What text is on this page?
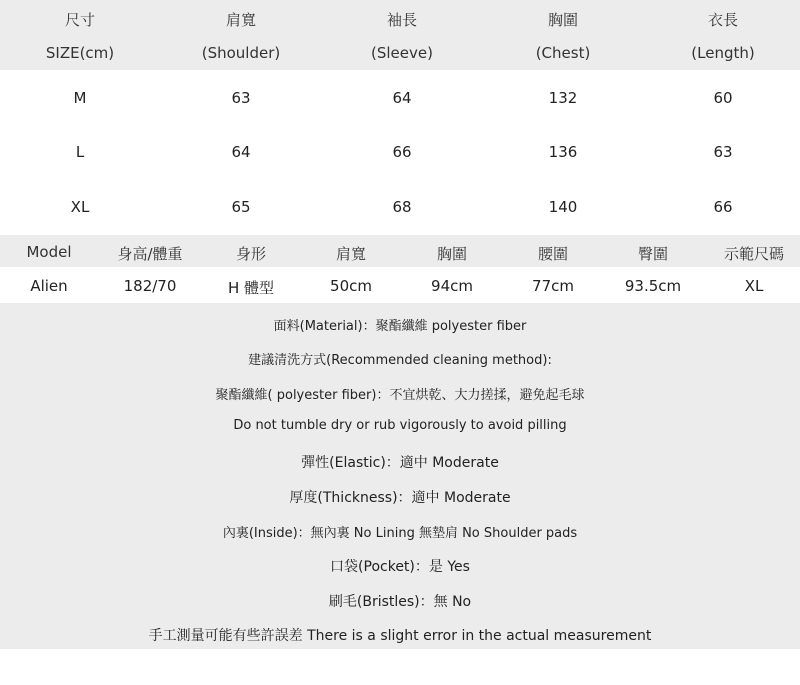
尺寸	肩寬	袖長	胸圍	衣長
SIZE(cm)	(Shoulder)	(Sleeve)	(Chest)	(Length)
M	63	64	132	60
L	64	66	136	63
XL	65	68	140	66
Model	身高/體重	身形	肩寬	胸圍	腰圍	臀圍	示範尺碼
Alien	182/70	H 體型	50cm	94cm	77cm	93.5cm	XL
面料(Material)：聚酯纖維 polyester fiber
建議清洗方式(Recommended cleaning method):
聚酯纖維( polyester fiber)：不宜烘乾、大力搓揉，避免起毛球
Do not tumble dry or rub vigorously to avoid pilling
彈性(Elastic)：適中 Moderate
厚度(Thickness)：適中 Moderate
內裏(Inside)：無內裏 No Lining 無墊肩 No Shoulder pads
口袋(Pocket)：是 Yes
刷毛(Bristles)：無 No
手工測量可能有些許誤差 There is a slight error in the actual measurement
